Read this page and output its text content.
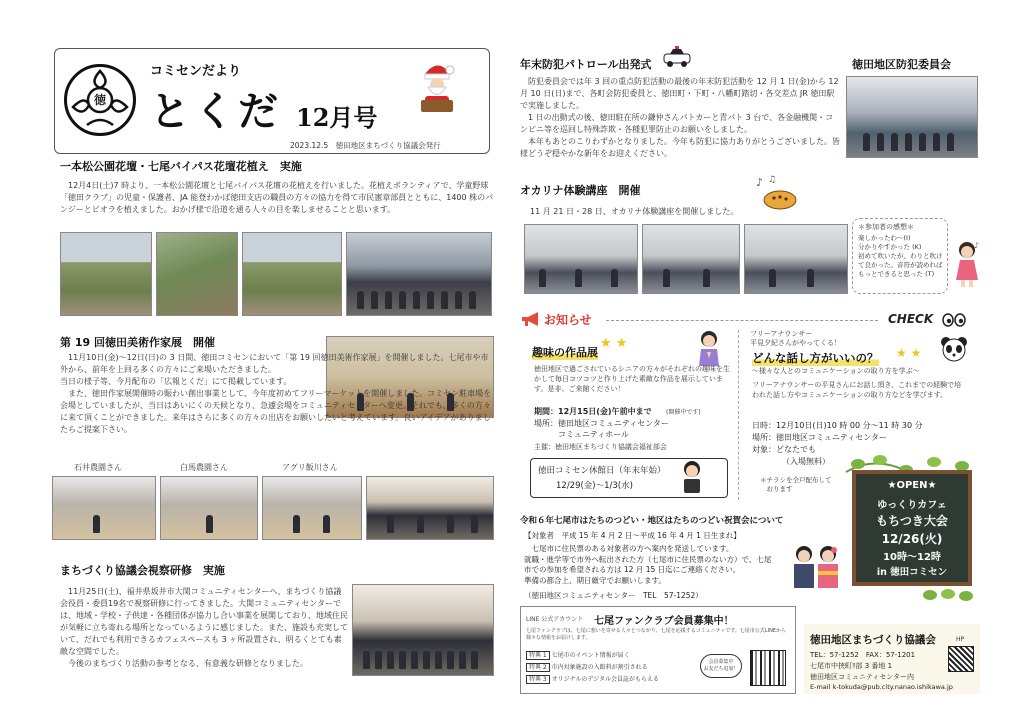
徳
コミセンだより
とくだ 12月号
2023.12.5　徳田地区まちづくり協議会発行
一本松公園花壇・七尾バイパス花壇花植え　実施
12月4日(土)7 時より、一本松公園花壇と七尾バイパス花壇の花植えを行いました。花植えボランティアで、学童野球「徳田クラブ」の児童・保護者、JA 能登わかば徳田支店の職員の方々の協力を得て市民憲章部員とともに、1400 株のパンジーとビオラを植えました。おかげ様で沿道を通る人々の目を楽しませることと思います。
第 19 回徳田美術作家展　開催
11月10日(金)～12日(日)の 3 日間、徳田コミセンにおいて「第 19 回徳田美術作家展」を開催しました。七尾市や市外から、前年を上回る多くの方々にご来場いただきました。
当日の様子等、今月配布の「広報とくだ」にて掲載しています。
　また、徳田作家展開催時の賑わい創出事業として、今年度初めてフリーマーケットを開催しました。コミセン駐車場を会場としていましたが、当日はあいにくの天候となり、急遽会場をコミュニティセンターへ変更。それでも、多くの方々に来て頂くことができました。来年はさらに多くの方々の出店をお願いしたいと考えています。良いアイデアがありましたらご提案下さい。
石井農園さん	白馬農園さん	アグリ飯川さん
まちづくり協議会視察研修　実施
11月25日(土)、福井県坂井市大関コミュニティセンターへ、まちづくり協議会役員・委員19名で視察研修に行ってきました。大関コミュニティセンターでは、地域・学校・子供達・各種団体が協力し合い事業を展開しており、地域住民が気軽に立ち寄れる場所となっているように感じました。また、施設も充実していて、だれでも利用できるカフェスペースも 3 ヶ所設置され、明るくとても素敵な空間でした。
　今後のまちづくり活動の参考となる、有意義な研修となりました。
年末防犯パトロール出発式	徳田地区防犯委員会
防犯委員会では年 3 回の重点防犯活動の最後の年末防犯活動を 12 月 1 日(金)から 12 月 10 日(日)まで、各町会防犯委員と、徳田町・下町・八幡町踏切・各交差点 JR 徳田駅で実施しました。
　1 日の出動式の後、徳田駐在所の鎌仲さんパトカーと青パト 3 台で、各金融機関・コンビニ等を巡回し特殊詐欺・各種犯罪防止のお願いをしました。
　本年もあとのこりわずかとなりました。今年も防犯に協力ありがとうございました。皆様どうぞ穏やかな新年をお迎えください。
オカリナ体験講座　開催
♪ ♫
11 月 21 日・28 日、オカリナ体験講座を開催しました。
＊参加者の感想＊
楽しかったわ～(I)
分かりやすかった (K)
初めて吹いたが、わりと吹けて良かった。音符が読めればもっとできると思った (T)
♪
お知らせ	CHECK
趣味の作品展
★ ★
徳田地区で過ごされているシニアの方々がそれぞれの趣味を生かして毎日コツコツと作り上げた素敵な作品を展示しています。是非、ご来館ください！
期間：12月15日(金)午前中まで (開催中です)
場所：徳田地区コミュニティセンター
　　　コミュニティホール
主催：徳田地区まちづくり協議会福祉部会
徳田コミセン休館日（年末年始）
12/29(金)～1/3(水)
フリーアナウンサー
平見夕紀さんがやってくる！
どんな話し方がいいの？ ★ ★
～様々な人とのコミュニケーションの取り方を学ぶ～
フリーアナウンサーの平見さんにお話し頂き、これまでの経験で培われた話し方やコミュニケーションの取り方などを学びます。
日時：12月10日(日)10 時 00 分～11 時 30 分
場所：徳田地区コミュニティセンター
対象：どなたでも
（入場無料）
＊チラシを全戸配布して
　おります	★OPEN★
ゆっくりカフェ
もちつき大会
12/26(火)
10時～12時
in 徳田コミセン
令和６年七尾市はたちのつどい・地区はたちのつどい祝賀会について
【対象者　平成 15 年 4 月 2 日～平成 16 年 4 月 1 日生まれ】
　七尾市に住民票のある対象者の方へ案内を発送しています。
就職・進学等で市外へ転出された方（七尾市に住民票のない方）で、七尾市での参加を希望される方は 12 月 15 日迄にご連絡ください。
準備の都合上、期日厳守でお願いします。
（徳田地区コミュニティセンター　TEL　57-1252）
LINE 公式アカウント 七尾ファンクラブ会員募集中！
七尾ファンクラブは、七尾に想いを寄せる人々とつながり、七尾を応援するコミュニティです。七尾市公式LINEから様々な情報をお届けします。
特典 1 七尾市のイベント情報が届く
特典 2 市内対象施設の入館料が割引される
特典 3 オリジナルのデジタル会員証がもらえる
会員募集中
お友だち追加！
徳田地区まちづくり協議会	HP
TEL：57-1252　FAX：57-1201
七尾市中挟町ﾘ部 3 番地 1
徳田地区コミュニティセンター内
E-mail k-tokuda@pub.city.nanao.ishikawa.jp
